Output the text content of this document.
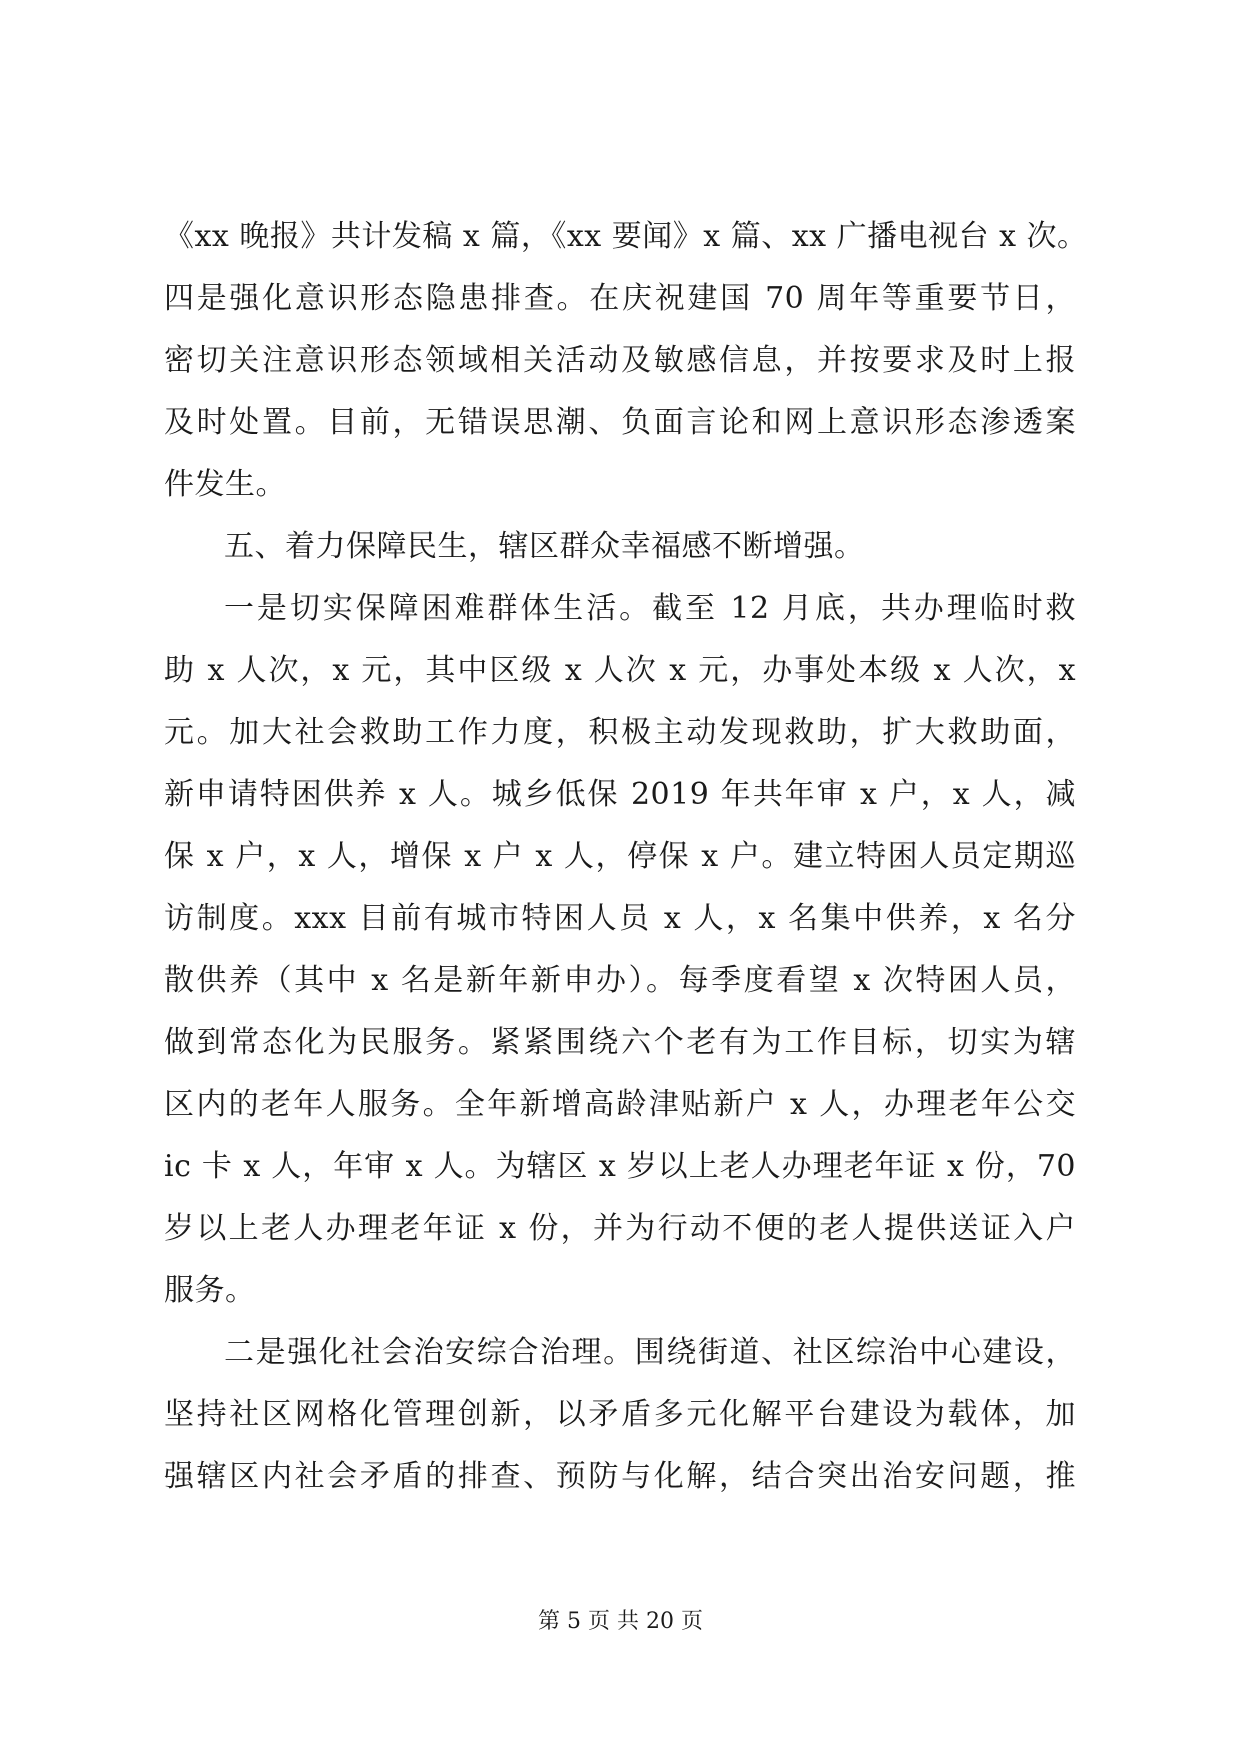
《xx 晚报》共计发稿 x 篇，《xx 要闻》x 篇、xx 广播电视台 x 次。
四是强化意识形态隐患排查。在庆祝建国 70 周年等重要节日，
密切关注意识形态领域相关活动及敏感信息，并按要求及时上报
及时处置。目前，无错误思潮、负面言论和网上意识形态渗透案
件发生。
五、着力保障民生，辖区群众幸福感不断增强。
一是切实保障困难群体生活。截至 12 月底，共办理临时救
助 x 人次，x 元，其中区级 x 人次 x 元，办事处本级 x 人次，x
元。加大社会救助工作力度，积极主动发现救助，扩大救助面，
新申请特困供养 x 人。城乡低保 2019 年共年审 x 户，x 人，减
保 x 户，x 人，增保 x 户 x 人，停保 x 户。建立特困人员定期巡
访制度。xxx 目前有城市特困人员 x 人，x 名集中供养，x 名分
散供养（其中 x 名是新年新申办）。每季度看望 x 次特困人员，
做到常态化为民服务。紧紧围绕六个老有为工作目标，切实为辖
区内的老年人服务。全年新增高龄津贴新户 x 人，办理老年公交
ic 卡 x 人，年审 x 人。为辖区 x 岁以上老人办理老年证 x 份，70
岁以上老人办理老年证 x 份，并为行动不便的老人提供送证入户
服务。
二是强化社会治安综合治理。围绕街道、社区综治中心建设，
坚持社区网格化管理创新，以矛盾多元化解平台建设为载体，加
强辖区内社会矛盾的排查、预防与化解，结合突出治安问题，推
第 5 页 共 20 页
